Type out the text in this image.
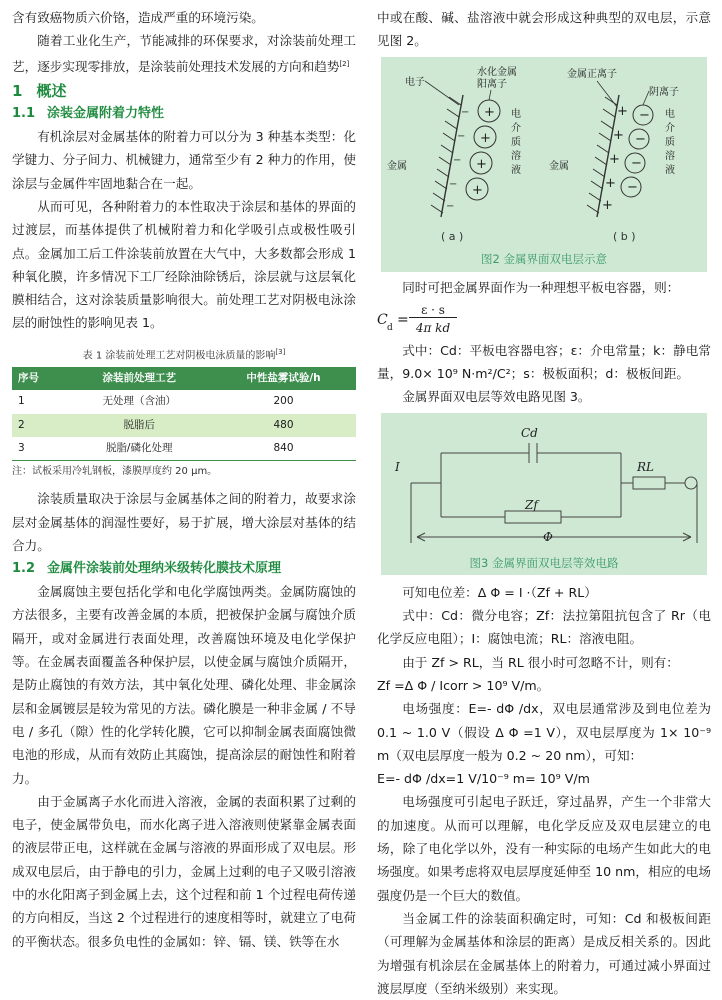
含有致癌物质六价铬，造成严重的环境污染。

随着工业化生产，节能减排的环保要求，对涂装前处理工艺，逐步实现零排放，是涂装前处理技术发展的方向和趋势[2]

1 概述
1.1 涂装金属附着力特性

有机涂层对金属基体的附着力可以分为 3 种基本类型：化学键力、分子间力、机械键力，通常至少有 2 种力的作用，使涂层与金属件牢固地黏合在一起。

从而可见，各种附着力的本性取决于涂层和基体的界面的过渡层，而基体提供了机械附着力和化学吸引点或极性吸引点。金属加工后工件涂装前放置在大气中，大多数都会形成 1 种氧化膜，许多情况下工厂经除油除锈后，涂层就与这层氧化膜相结合，这对涂装质量影响很大。前处理工艺对阴极电泳涂层的耐蚀性的影响见表 1。

表 1 涂装前处理工艺对阴极电泳质量的影响[3]
序号	涂装前处理工艺	中性盐雾试验/h
1	无处理（含油）	200
2	脱脂后	480
3	脱脂/磷化处理	840
注：试板采用冷轧钢板，漆膜厚度约 20 μm。

涂装质量取决于涂层与金属基体之间的附着力，故要求涂层对金属基体的润湿性要好，易于扩展，增大涂层对基体的结合力。

1.2 金属件涂装前处理纳米级转化膜技术原理

金属腐蚀主要包括化学和电化学腐蚀两类。金属防腐蚀的方法很多，主要有改善金属的本质，把被保护金属与腐蚀介质隔开，或对金属进行表面处理，改善腐蚀环境及电化学保护等。在金属表面覆盖各种保护层，以使金属与腐蚀介质隔开，是防止腐蚀的有效方法，其中氧化处理、磷化处理、非金属涂层和金属镀层是较为常见的方法。磷化膜是一种非金属 / 不导电 / 多孔（隙）性的化学转化膜，它可以抑制金属表面腐蚀微电池的形成，从而有效防止其腐蚀，提高涂层的耐蚀性和附着力。

由于金属离子水化而进入溶液，金属的表面积累了过剩的电子，使金属带负电，而水化离子进入溶液则使紧靠金属表面的液层带正电，这样就在金属与溶液的界面形成了双电层。形成双电层后，由于静电的引力，金属上过剩的电子又吸引溶液中的水化阳离子到金属上去，这个过程和前 1 个过程电荷传递的方向相反，当这 2 个过程进行的速度相等时，就建立了电荷的平衡状态。很多负电性的金属如：锌、镉、镁、铁等在水

中或在酸、碱、盐溶液中就会形成这种典型的双电层，示意见图 2。

−
−
−
−
−
+
+
+
+
电子
水化金属
阳离子
金属
电 介 质 溶 液
+
+
+
+
+
−
−
−
−
金属正离子
阴离子
金属
电 介 质 溶 液
( a )	( b )
图2 金属界面双电层示意

同时可把金属界面作为一种理想平板电容器，则：

C d =
ε · s
4π kd

式中：Cd：平板电容器电容；ε：介电常量；k：静电常量，9.0× 10⁹ N·m²/C²；s：极板面积；d：极板间距。

金属界面双电层等效电路见图 3。

Cd
I	RL
Zf
Φ
图3 金属界面双电层等效电路

可知电位差：Δ Φ = I ·（Zf + RL）

式中：Cd：微分电容；Zf：法拉第阻抗包含了 Rr（电化学反应电阻）；I：腐蚀电流；RL：溶液电阻。

由于 Zf > RL，当 RL 很小时可忽略不计，则有：

Zf =Δ Φ / Icorr > 10⁹ V/m。

电场强度：E=- dΦ /dx，双电层通常涉及到电位差为 0.1 ~ 1.0 V（假设 Δ Φ =1 V），双电层厚度为 1× 10⁻⁹ m（双电层厚度一般为 0.2 ~ 20 nm），可知：

E=- dΦ /dx=1 V/10⁻⁹ m= 10⁹ V/m

电场强度可引起电子跃迁，穿过晶界，产生一个非常大的加速度。从而可以理解，电化学反应及双电层建立的电场，除了电化学以外，没有一种实际的电场产生如此大的电场强度。如果考虑将双电层厚度延伸至 10 nm，相应的电场强度仍是一个巨大的数值。

当金属工件的涂装面积确定时，可知：Cd 和极板间距（可理解为金属基体和涂层的距离）是成反相关系的。因此为增强有机涂层在金属基体上的附着力，可通过减小界面过渡层厚度（至纳米级别）来实现。
